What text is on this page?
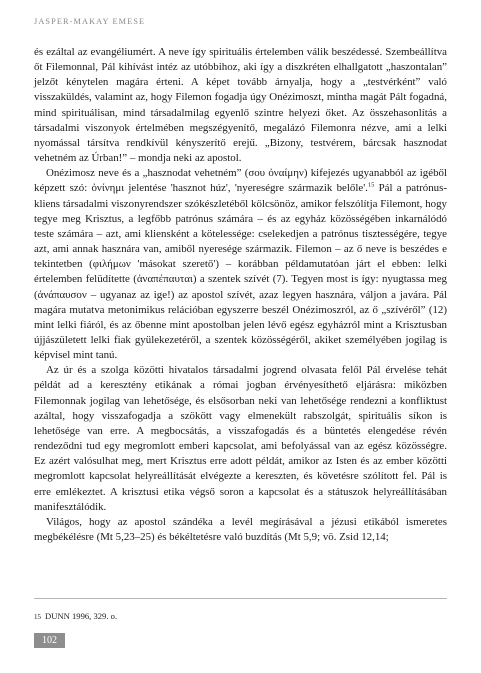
JASPER-MAKAY EMESE

és ezáltal az evangéliumért. A neve így spirituális értelemben válik beszédessé. Szembeállítva őt Filemonnal, Pál kihívást intéz az utóbbihoz, aki így a diszkréten elhallgatott „haszontalan” jelzőt kénytelen magára érteni. A képet tovább árnyalja, hogy a „testvérként” való visszaküldés, valamint az, hogy Filemon fogadja úgy Onézimoszt, mintha magát Pált fogadná, mind spirituálisan, mind társadalmilag egyenlő szintre helyezi őket. Az összehasonlítás a társadalmi viszonyok értelmében megszégyenítő, megalázó Filemonra nézve, ami a lelki nyomással társítva rendkívül kényszerítő erejű. „Bizony, testvérem, bárcsak hasznodat vehetném az Úrban!” – mondja neki az apostol.

Onézimosz neve és a „hasznodat vehetném” (σου ὀναίμην) kifejezés ugyanabból az igéből képzett szó: ὀνίνημι jelentése 'hasznot húz', 'nyereségre származik belőle'.$^{15}$ Pál a patrónus-kliens társadalmi viszonyrendszer szókészletéből kölcsönöz, amikor felszólítja Filemont, hogy tegye meg Krisztus, a legfőbb patrónus számára – és az egyház közösségében inkarnálódó teste számára – azt, ami kliensként a kötelessége: cselekedjen a patrónus tisztességére, tegye azt, ami annak hasznára van, amiből nyeresége származik. Filemon – az ő neve is beszédes e tekintetben (φιλήμων 'másokat szerető') – korábban példamutatóan járt el ebben: lelki értelemben felüdítette (ἀναπέπαυται) a szentek szívét (7). Tegyen most is így: nyugtassa meg (ἀνάπαυσον – ugyanaz az ige!) az apostol szívét, azaz legyen hasznára, váljon a javára. Pál magára mutatva metonimikus relációban egyszerre beszél Onézimoszról, az ő „szívéről” (12) mint lelki fiáról, és az őbenne mint apostolban jelen lévő egész egyházról mint a Krisztusban újjászületett lelki fiak gyülekezetéről, a szentek közösségéről, akiket személyében jogilag is képvisel mint tanú.

Az úr és a szolga közötti hivatalos társadalmi jogrend olvasata felől Pál érvelése tehát példát ad a keresztény etikának a római jogban érvényesíthető eljárásra: miközben Filemonnak jogilag van lehetősége, és elsősorban neki van lehetősége rendezni a konfliktust azáltal, hogy visszafogadja a szökött vagy elmenekült rabszolgát, spirituális síkon is lehetősége van erre. A megbocsátás, a visszafogadás és a büntetés elengedése révén rendeződni tud egy megromlott emberi kapcsolat, ami befolyással van az egész közösségre. Ez azért valósulhat meg, mert Krisztus erre adott példát, amikor az Isten és az ember közötti megromlott kapcsolat helyreállítását elvégezte a kereszten, és követésre szólított fel. Pál is erre emlékeztet. A krisztusi etika végső soron a kapcsolat és a státuszok helyreállításában manifesztálódik.

Világos, hogy az apostol szándéka a levél megírásával a jézusi etikából ismeretes megbékélésre (Mt 5,23–25) és békéltetésre való buzdítás (Mt 5,9; vö. Zsid 12,14;

15 DUNN 1996, 329. o.
102
